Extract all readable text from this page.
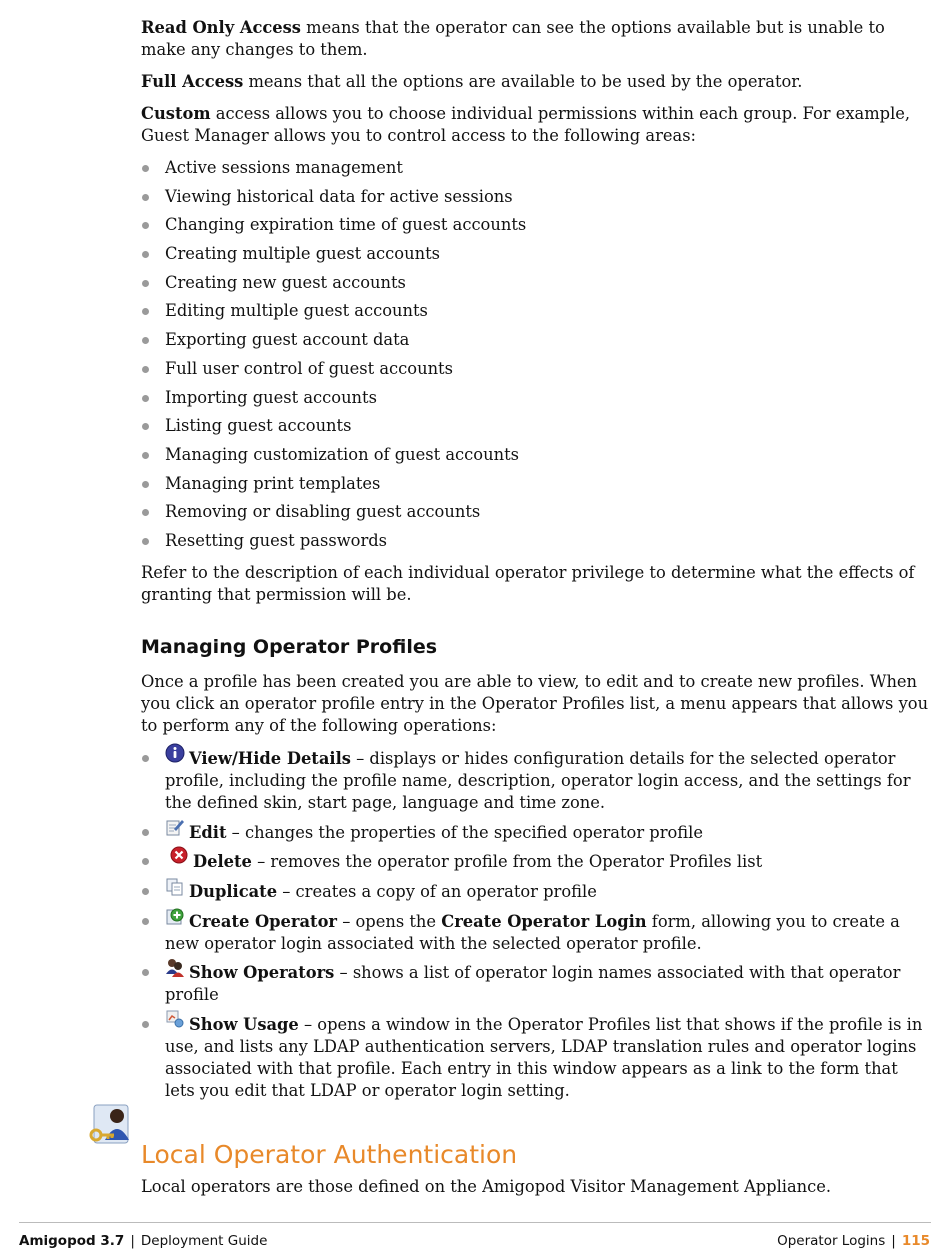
Read Only Access means that the operator can see the options available but is unable to make any changes to them.

Full Access means that all the options are available to be used by the operator.

Custom access allows you to choose individual permissions within each group. For example, Guest Manager allows you to control access to the following areas:

Active sessions management
Viewing historical data for active sessions
Changing expiration time of guest accounts
Creating multiple guest accounts
Creating new guest accounts
Editing multiple guest accounts
Exporting guest account data
Full user control of guest accounts
Importing guest accounts
Listing guest accounts
Managing customization of guest accounts
Managing print templates
Removing or disabling guest accounts
Resetting guest passwords

Refer to the description of each individual operator privilege to determine what the effects of granting that permission will be.

Managing Operator Profiles

Once a profile has been created you are able to view, to edit and to create new profiles. When you click an operator profile entry in the Operator Profiles list, a menu appears that allows you to perform any of the following operations:

View/Hide Details – displays or hides configuration details for the selected operator profile, including the profile name, description, operator login access, and the settings for the defined skin, start page, language and time zone.
Edit – changes the properties of the specified operator profile
Delete – removes the operator profile from the Operator Profiles list
Duplicate – creates a copy of an operator profile
Create Operator – opens the Create Operator Login form, allowing you to create a new operator login associated with the selected operator profile.
Show Operators – shows a list of operator login names associated with that operator profile
Show Usage – opens a window in the Operator Profiles list that shows if the profile is in use, and lists any LDAP authentication servers, LDAP translation rules and operator logins associated with that profile. Each entry in this window appears as a link to the form that lets you edit that LDAP or operator login setting.
Local Operator Authentication

Local operators are those defined on the Amigopod Visitor Management Appliance.

Amigopod 3.7 | Deployment Guide	Operator Logins | 115
